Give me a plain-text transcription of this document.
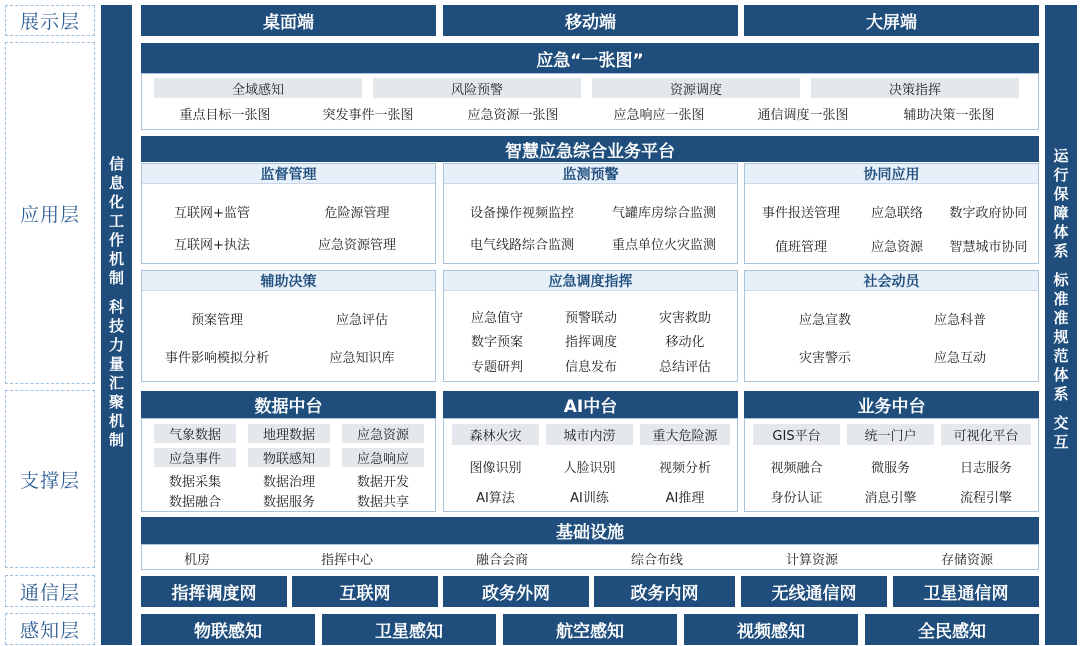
展示层
应用层
支撑层
通信层
感知层
信
息
化
工
作
机
制
科
技
力
量
汇
聚
机
制
运
行
保
障
体
系
标
准
准
规
范
体
系
交
互
桌面端	移动端	大屏端
应急“一张图”
全域感知	风险预警	资源调度	决策指挥
重点目标一张图	突发事件一张图	应急资源一张图	应急响应一张图	通信调度一张图	辅助决策一张图
智慧应急综合业务平台
监督管理
互联网+监管	危险源管理
互联网+执法	应急资源管理
监测预警
设备操作视频监控	气罐库房综合监测
电气线路综合监测	重点单位火灾监测
协同应用
事件报送管理	应急联络	数字政府协同
值班管理	应急资源	智慧城市协同
辅助决策
预案管理	应急评估
事件影响模拟分析	应急知识库
应急调度指挥
应急值守	预警联动	灾害救助
数字预案	指挥调度	移动化
专题研判	信息发布	总结评估
社会动员
应急宣教	应急科普
灾害警示	应急互动
数据中台
气象数据	地理数据	应急资源
应急事件	物联感知	应急响应
数据采集	数据治理	数据开发
数据融合	数据服务	数据共享
AI中台
森林火灾	城市内涝	重大危险源
图像识别	人脸识别	视频分析
AI算法	AI训练	AI推理
业务中台
GIS平台	统一门户	可视化平台
视频融合	微服务	日志服务
身份认证	消息引擎	流程引擎
基础设施
机房	指挥中心	融合会商	综合布线	计算资源	存储资源
指挥调度网	互联网	政务外网	政务内网	无线通信网	卫星通信网
物联感知	卫星感知	航空感知	视频感知	全民感知
